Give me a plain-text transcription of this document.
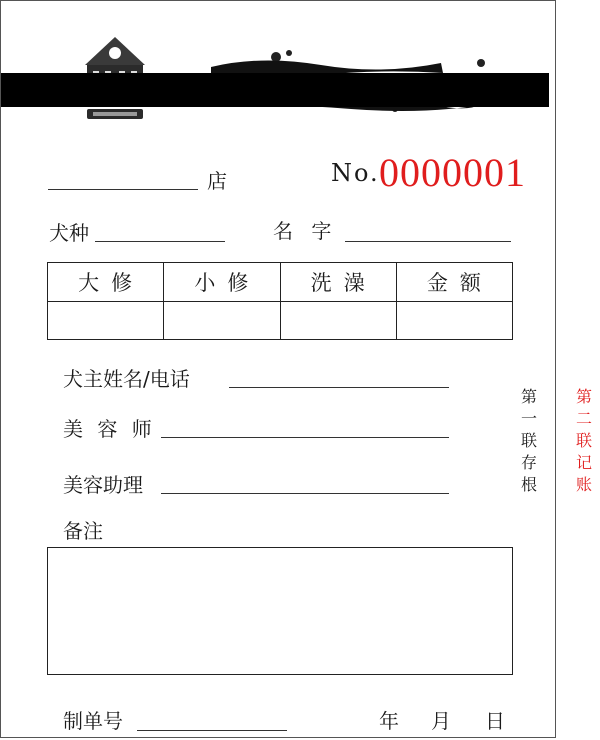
店	No. 0000001
犬种	名 字
大修	小修	洗澡	金额

犬主姓名/电话
美 容 师
美容助理
备注
制单号	年 月 日
第一联存根
第二联记账
